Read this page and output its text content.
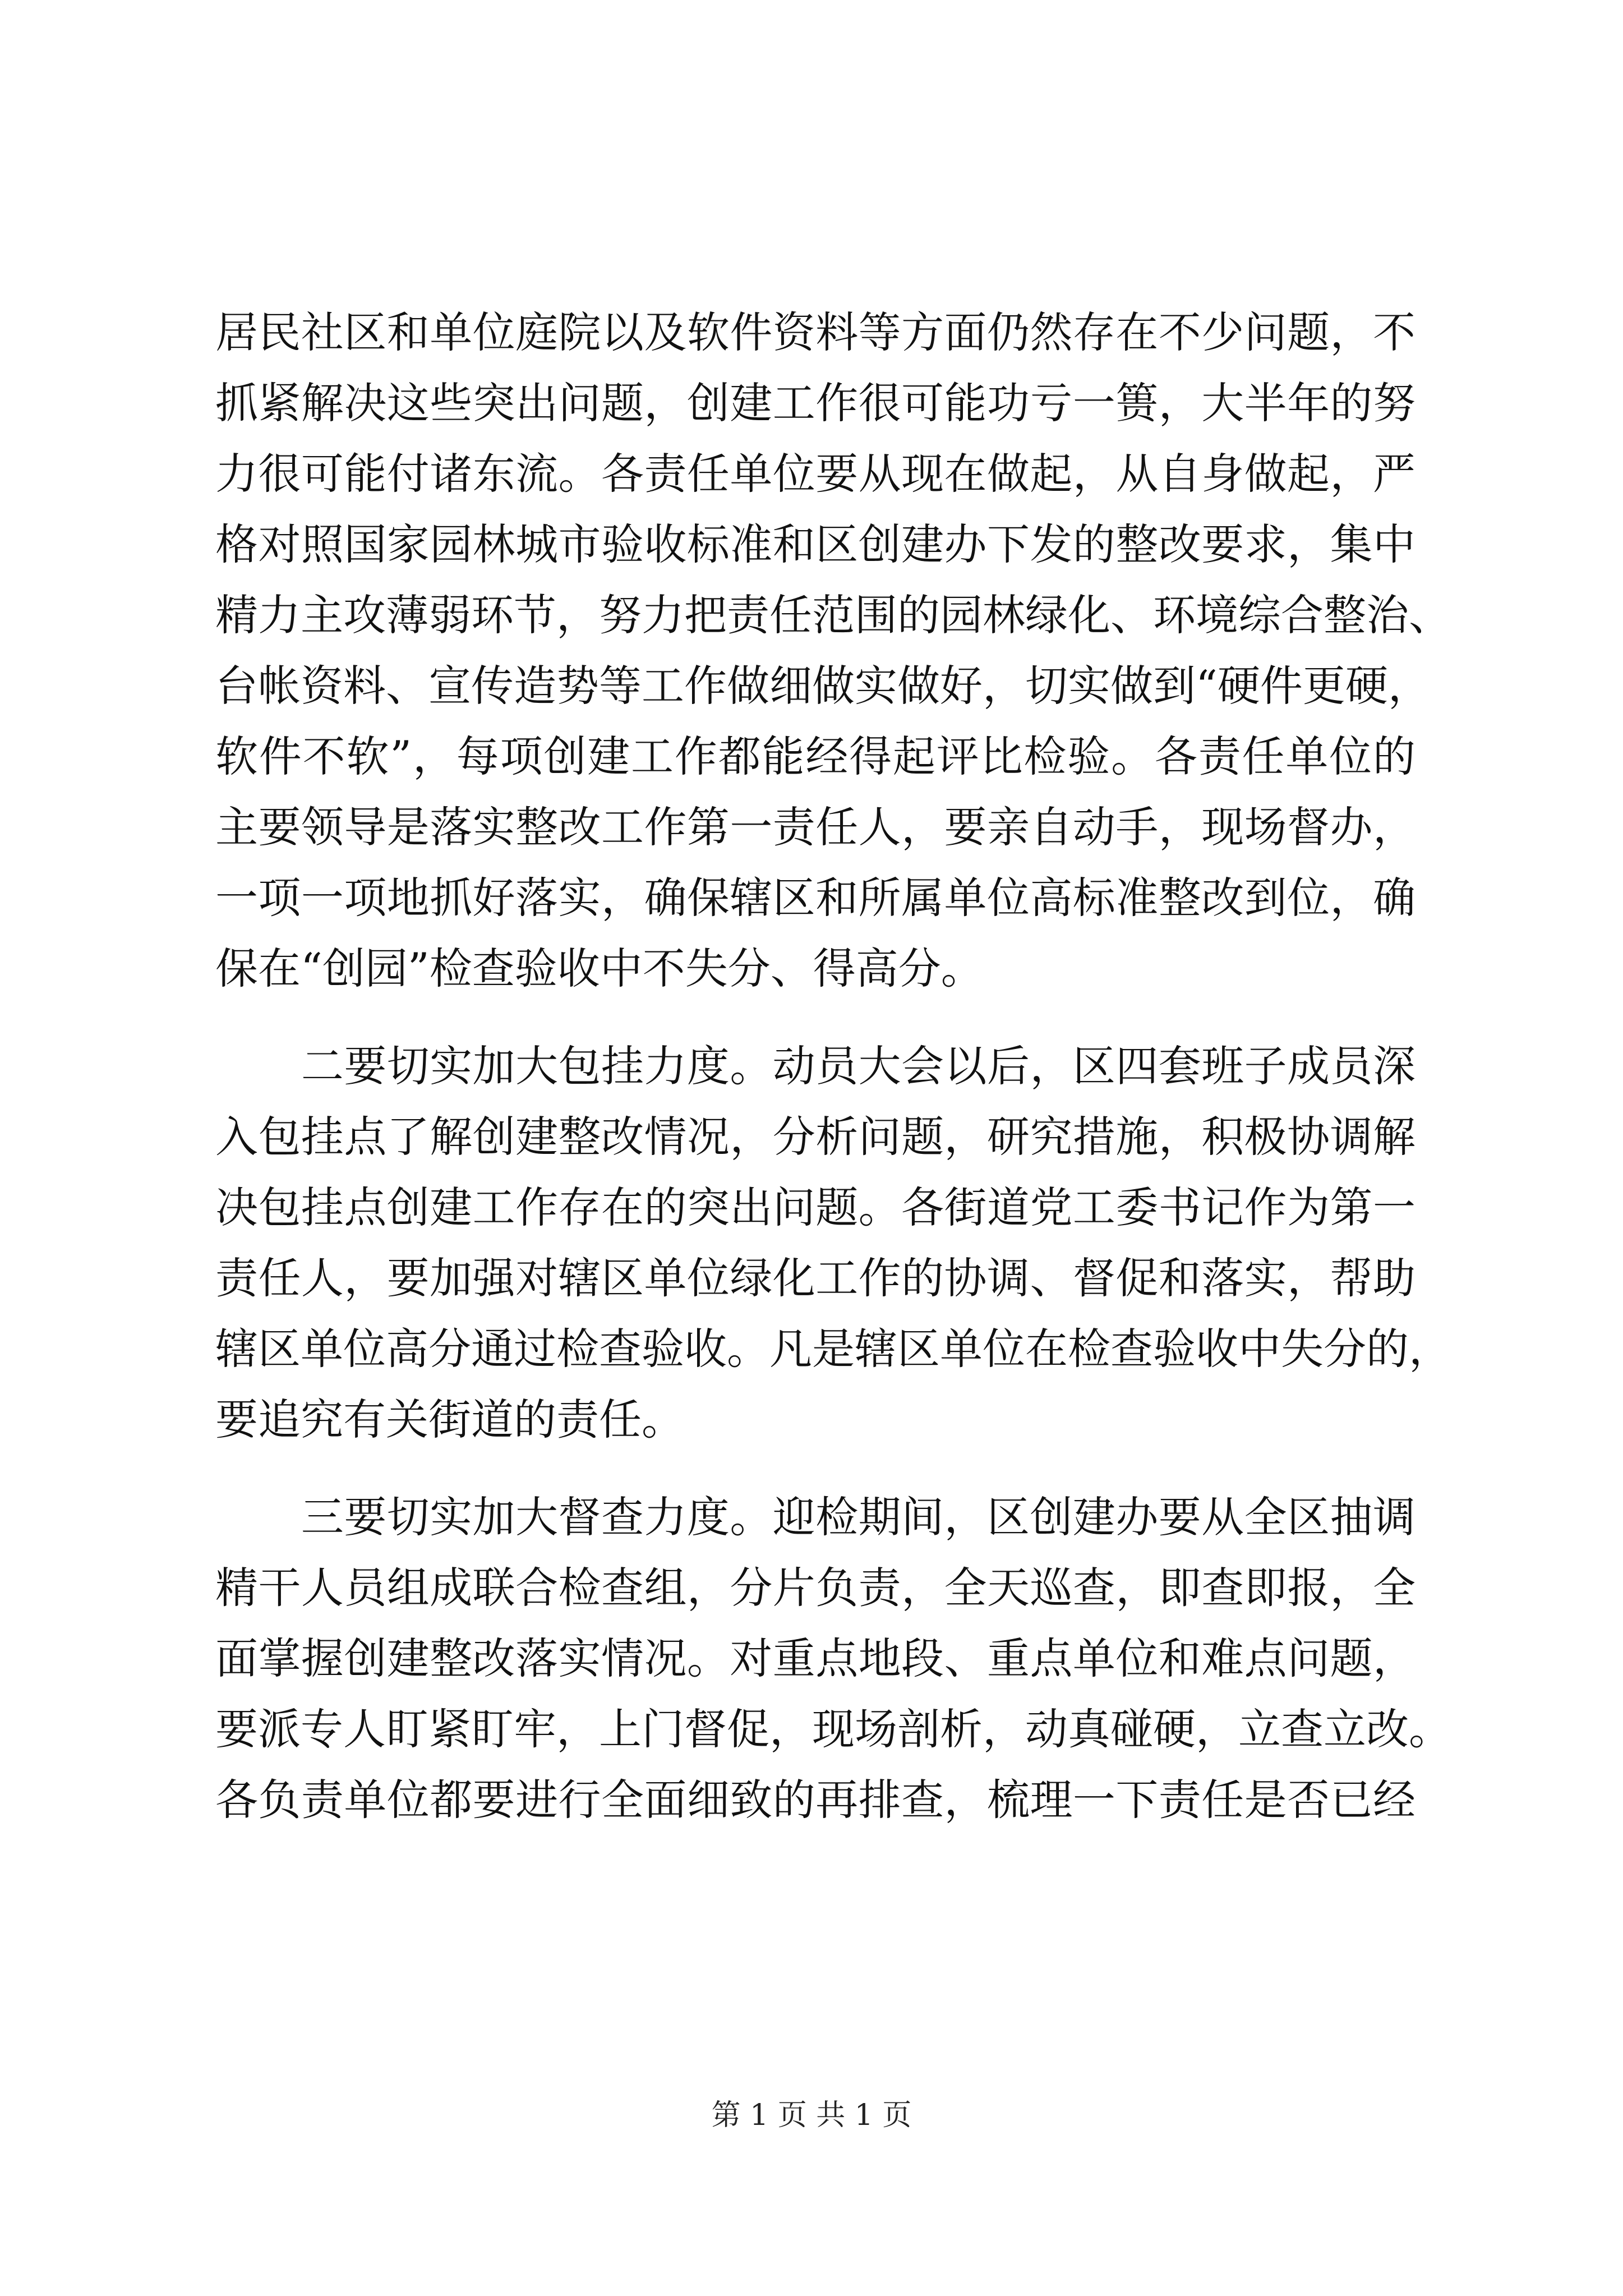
居民社区和单位庭院以及软件资料等方面仍然存在不少问题，不
抓紧解决这些突出问题，创建工作很可能功亏一篑，大半年的努
力很可能付诸东流。各责任单位要从现在做起，从自身做起，严
格对照国家园林城市验收标准和区创建办下发的整改要求，集中
精力主攻薄弱环节，努力把责任范围的园林绿化、环境综合整治、
台帐资料、宣传造势等工作做细做实做好，切实做到“硬件更硬，
软件不软”，每项创建工作都能经得起评比检验。各责任单位的
主要领导是落实整改工作第一责任人，要亲自动手，现场督办，
一项一项地抓好落实，确保辖区和所属单位高标准整改到位，确
保在“创园”检查验收中不失分、得高分。
　　二要切实加大包挂力度。动员大会以后，区四套班子成员深
入包挂点了解创建整改情况，分析问题，研究措施，积极协调解
决包挂点创建工作存在的突出问题。各街道党工委书记作为第一
责任人，要加强对辖区单位绿化工作的协调、督促和落实，帮助
辖区单位高分通过检查验收。凡是辖区单位在检查验收中失分的，
要追究有关街道的责任。
　　三要切实加大督查力度。迎检期间，区创建办要从全区抽调
精干人员组成联合检查组，分片负责，全天巡查，即查即报，全
面掌握创建整改落实情况。对重点地段、重点单位和难点问题，
要派专人盯紧盯牢，上门督促，现场剖析，动真碰硬，立查立改。
各负责单位都要进行全面细致的再排查，梳理一下责任是否已经
第 1 页 共 1 页
